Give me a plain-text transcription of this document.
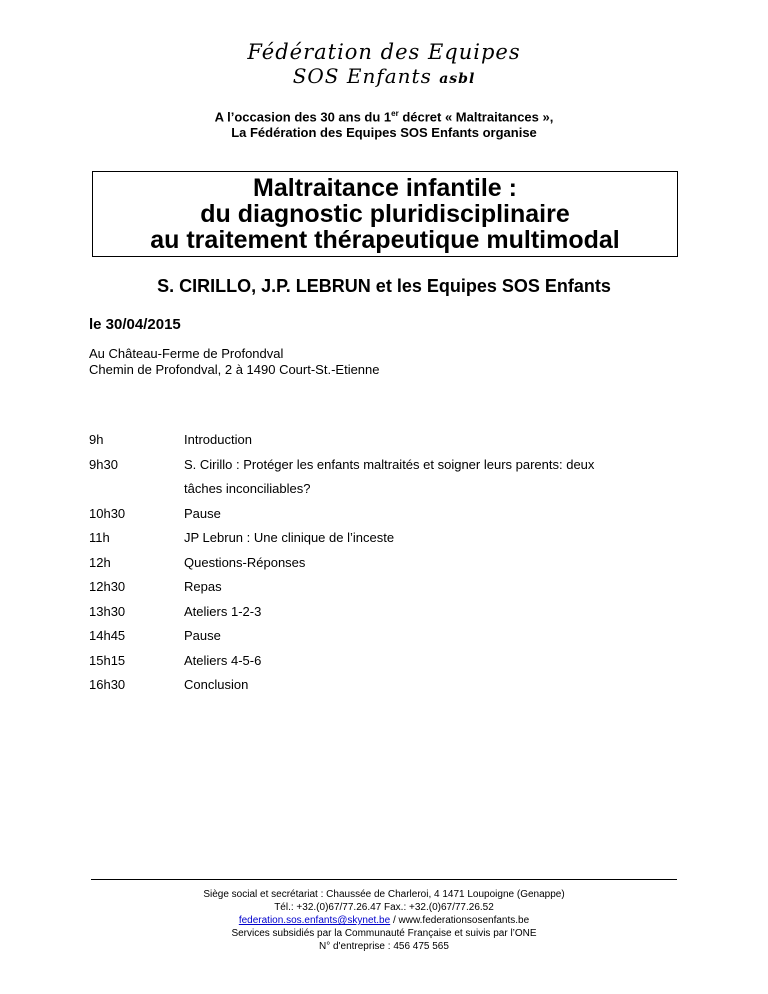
Fédération des Equipes
SOS Enfants asbl
A l’occasion des 30 ans du 1er décret « Maltraitances »,
La Fédération des Equipes SOS Enfants organise
Maltraitance infantile :
du diagnostic pluridisciplinaire
au traitement thérapeutique multimodal
S. CIRILLO, J.P. LEBRUN et les Equipes SOS Enfants
le 30/04/2015
Au Château-Ferme de Profondval
Chemin de Profondval, 2 à 1490 Court-St.-Etienne
9h	Introduction
9h30	S. Cirillo : Protéger les enfants maltraités et soigner leurs parents: deux
tâches inconciliables?
10h30	Pause
11h	JP Lebrun : Une clinique de l’inceste
12h	Questions-Réponses
12h30	Repas
13h30	Ateliers 1-2-3
14h45	Pause
15h15	Ateliers 4-5-6
16h30	Conclusion
Siège social et secrétariat : Chaussée de Charleroi, 4 1471 Loupoigne (Genappe)
Tél.: +32.(0)67/77.26.47 Fax.: +32.(0)67/77.26.52
federation.sos.enfants@skynet.be / www.federationsosenfants.be
Services subsidiés par la Communauté Française et suivis par l’ONE
N° d'entreprise : 456 475 565
